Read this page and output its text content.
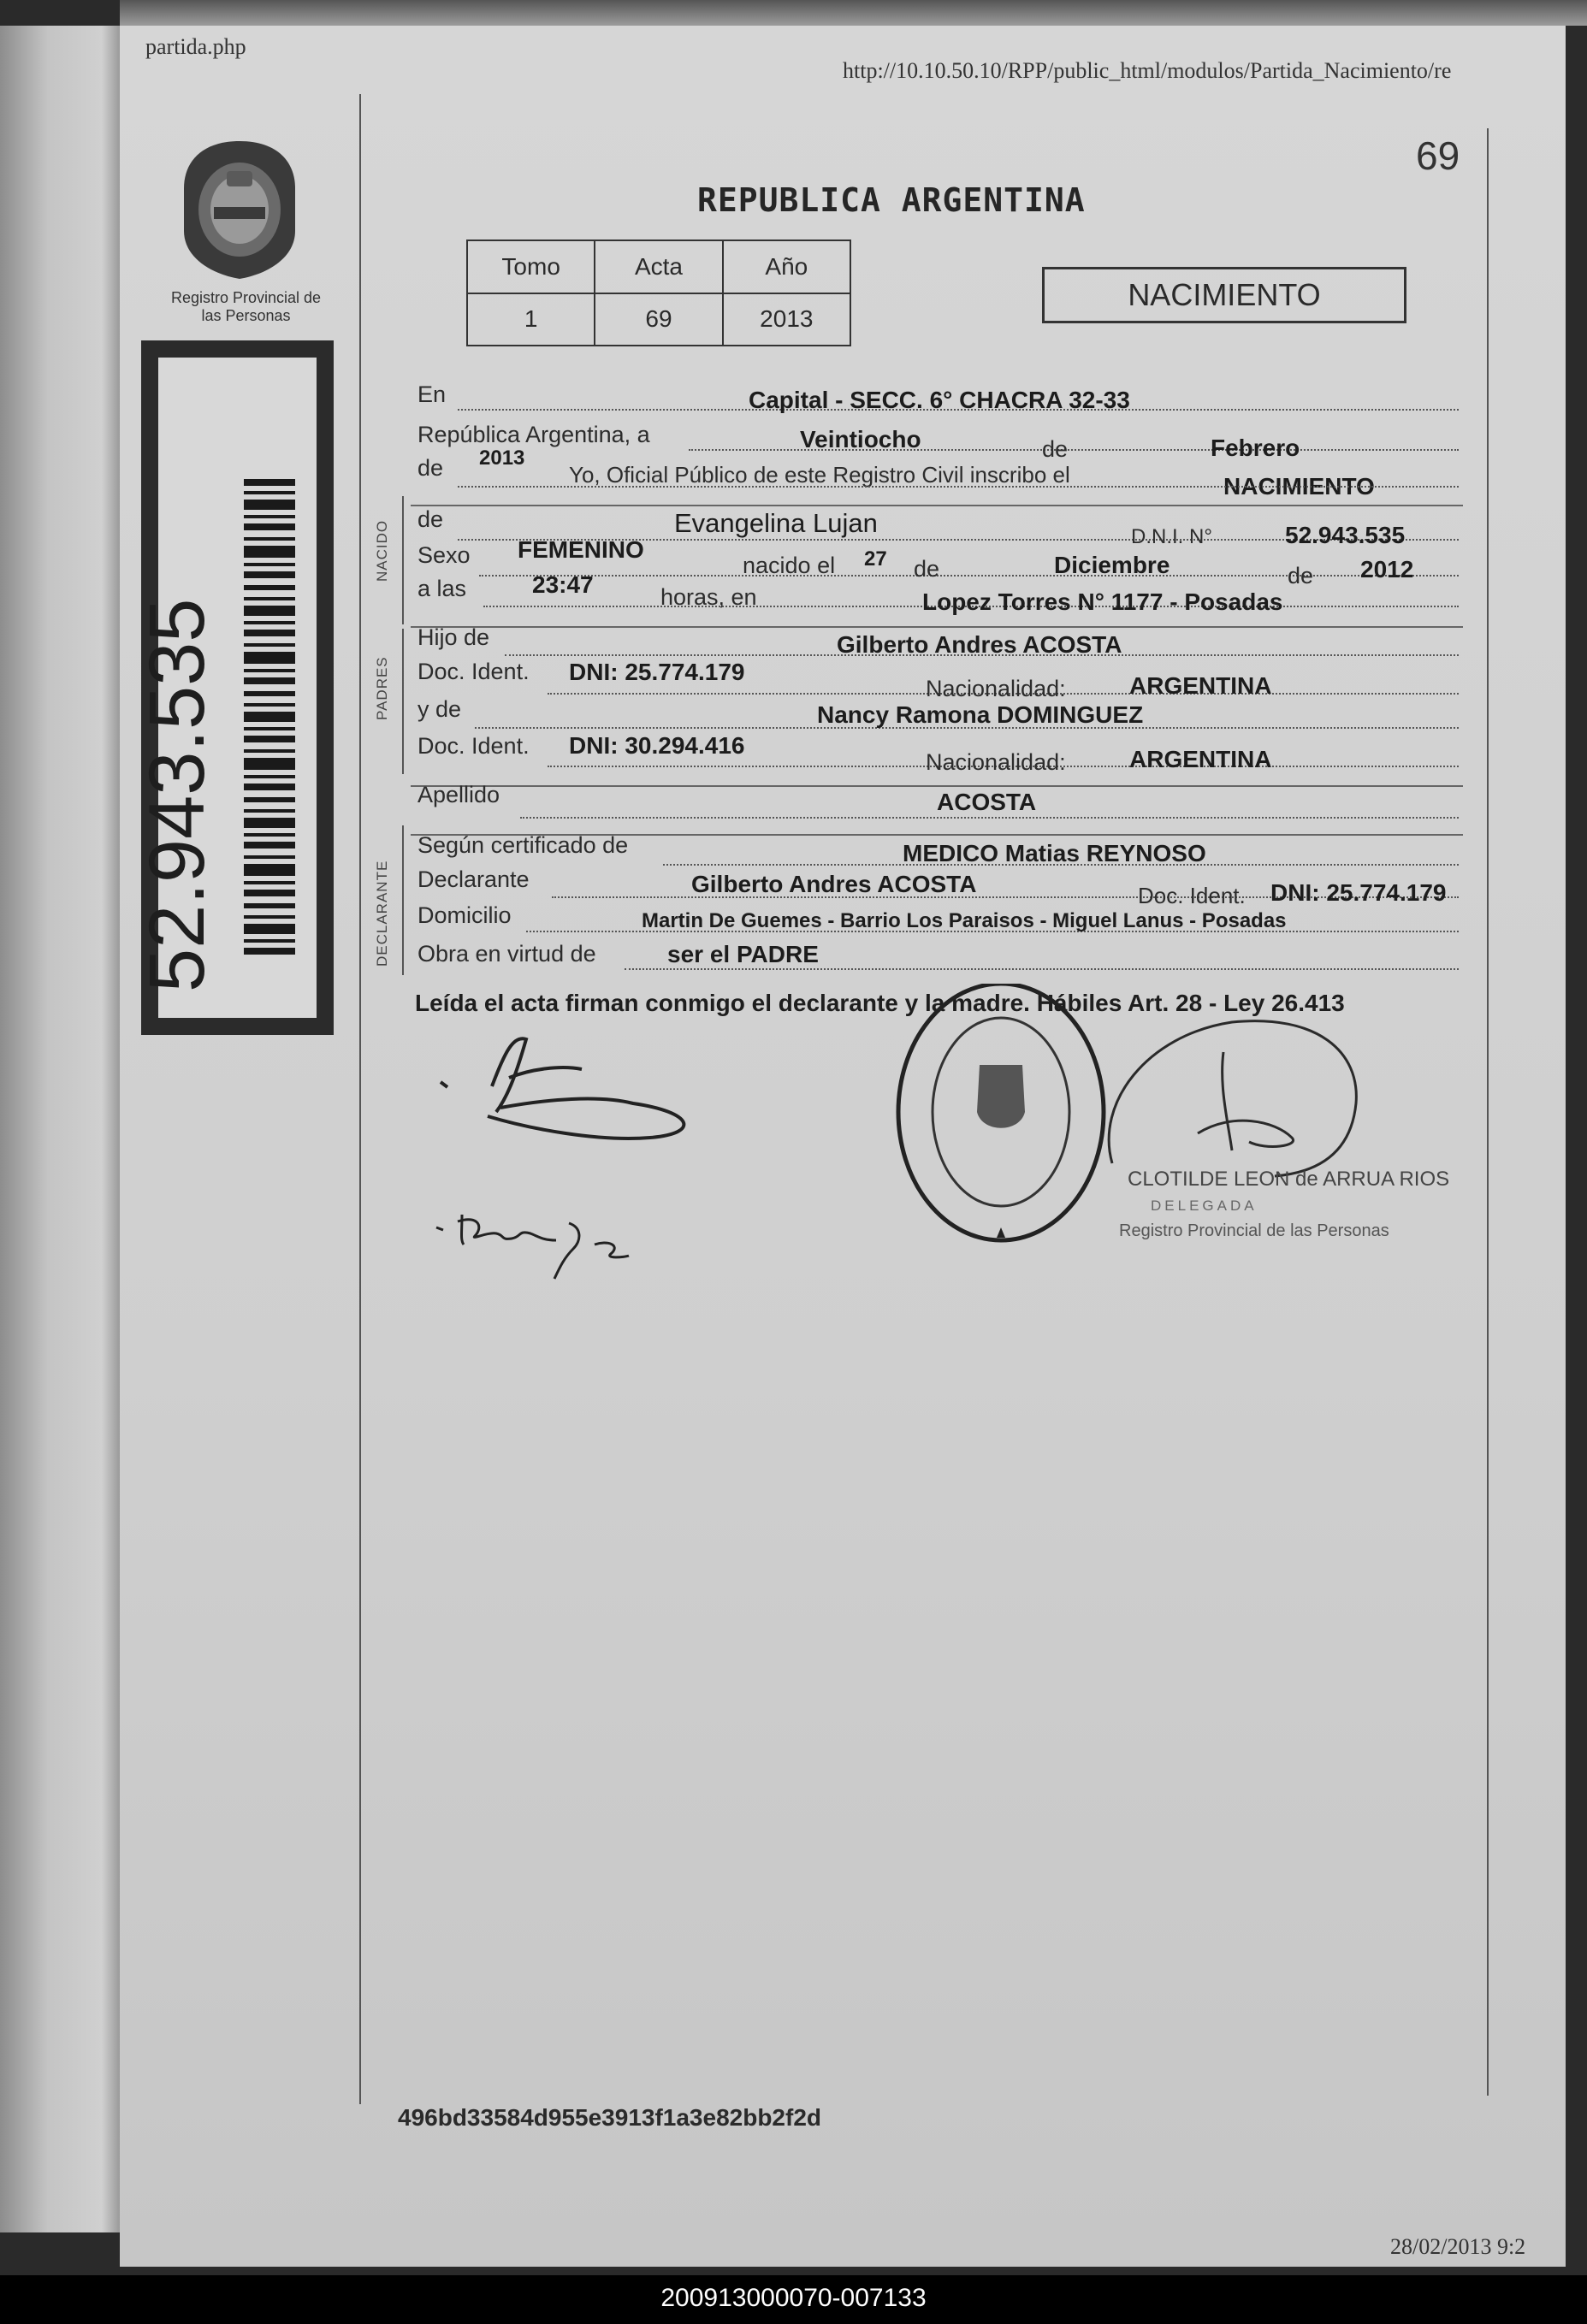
partida.php
http://10.10.50.10/RPP/public_html/modulos/Partida_Nacimiento/re
69
Registro Provincial de las Personas
52.943.535
REPUBLICA ARGENTINA
Tomo	Acta	Año
1	69	2013
NACIMIENTO
NACIDO
PADRES
DECLARANTE
En	Capital - SECC. 6° CHACRA 32-33
República Argentina, a	Veintiocho	de	Febrero
de 2013
Yo, Oficial Público de este Registro Civil inscribo el	NACIMIENTO
de	Evangelina Lujan	D.N.I. N°	52.943.535
Sexo FEMENINO
nacido el 27 de	Diciembre	de 2012
a las	23:47	horas, en	Lopez Torres N° 1177 - Posadas
Hijo de	Gilberto Andres ACOSTA
Doc. Ident. DNI: 25.774.179
Nacionalidad:	ARGENTINA
y de	Nancy Ramona DOMINGUEZ
Doc. Ident. DNI: 30.294.416
Nacionalidad:	ARGENTINA
Apellido	ACOSTA
Según certificado de	MEDICO Matias REYNOSO
Declarante	Gilberto Andres ACOSTA	Doc. Ident. DNI: 25.774.179
Domicilio	Martin De Guemes - Barrio Los Paraisos - Miguel Lanus - Posadas
Obra en virtud de	ser el PADRE
Leída el acta firman conmigo el declarante y la madre. Hábiles Art. 28 - Ley 26.413
CLOTILDE LEON de ARRUA RIOS
DELEGADA
Registro Provincial de las Personas
496bd33584d955e3913f1a3e82bb2f2d
28/02/2013 9:2
200913000070-007133
